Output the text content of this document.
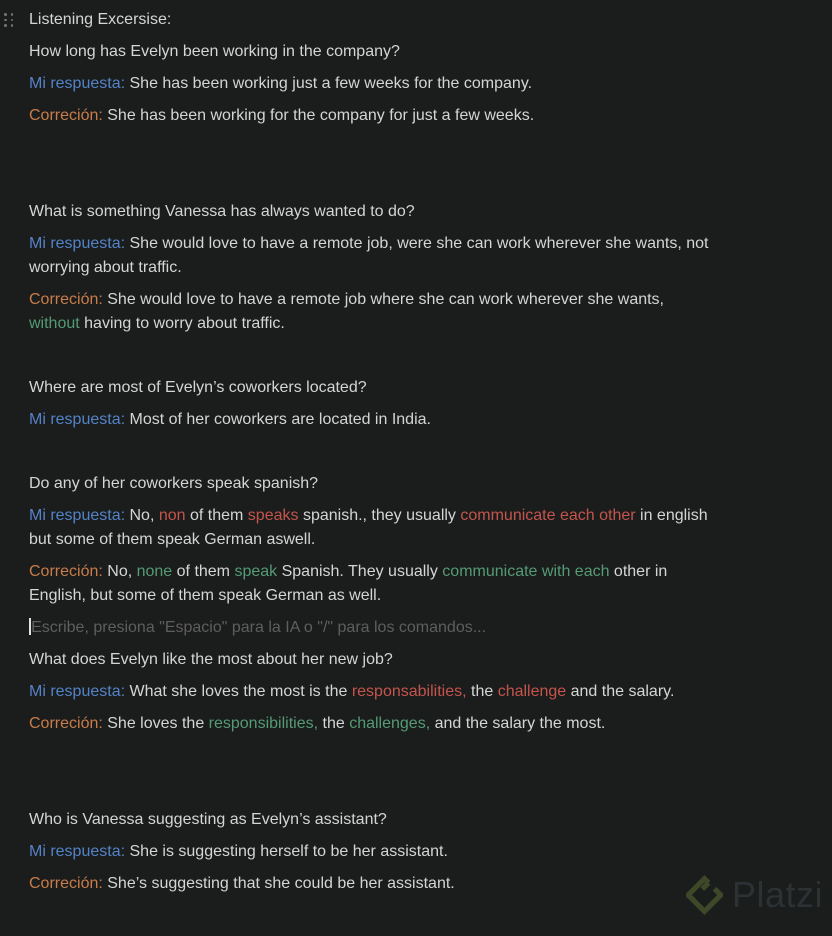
Listening Excersise:
How long has Evelyn been working in the company?
Mi respuesta: She has been working just a few weeks for the company.
Correción: She has been working for the company for just a few weeks.
What is something Vanessa has always wanted to do?
Mi respuesta: She would love to have a remote job, were she can work wherever she wants, not
worrying about traffic.
Correción: She would love to have a remote job where she can work wherever she wants,
without having to worry about traffic.
Where are most of Evelyn’s coworkers located?
Mi respuesta: Most of her coworkers are located in India.
Do any of her coworkers speak spanish?
Mi respuesta: No, non of them speaks spanish., they usually communicate each other in english
but some of them speak German aswell.
Correción: No, none of them speak Spanish. They usually communicate with each other in
English, but some of them speak German as well.
Escribe, presiona "Espacio" para la IA o "/" para los comandos...
What does Evelyn like the most about her new job?
Mi respuesta: What she loves the most is the responsabilities, the challenge and the salary.
Correción: She loves the responsibilities, the challenges, and the salary the most.
Who is Vanessa suggesting as Evelyn’s assistant?
Mi respuesta: She is suggesting herself to be her assistant.
Correción: She’s suggesting that she could be her assistant.	Platzi
